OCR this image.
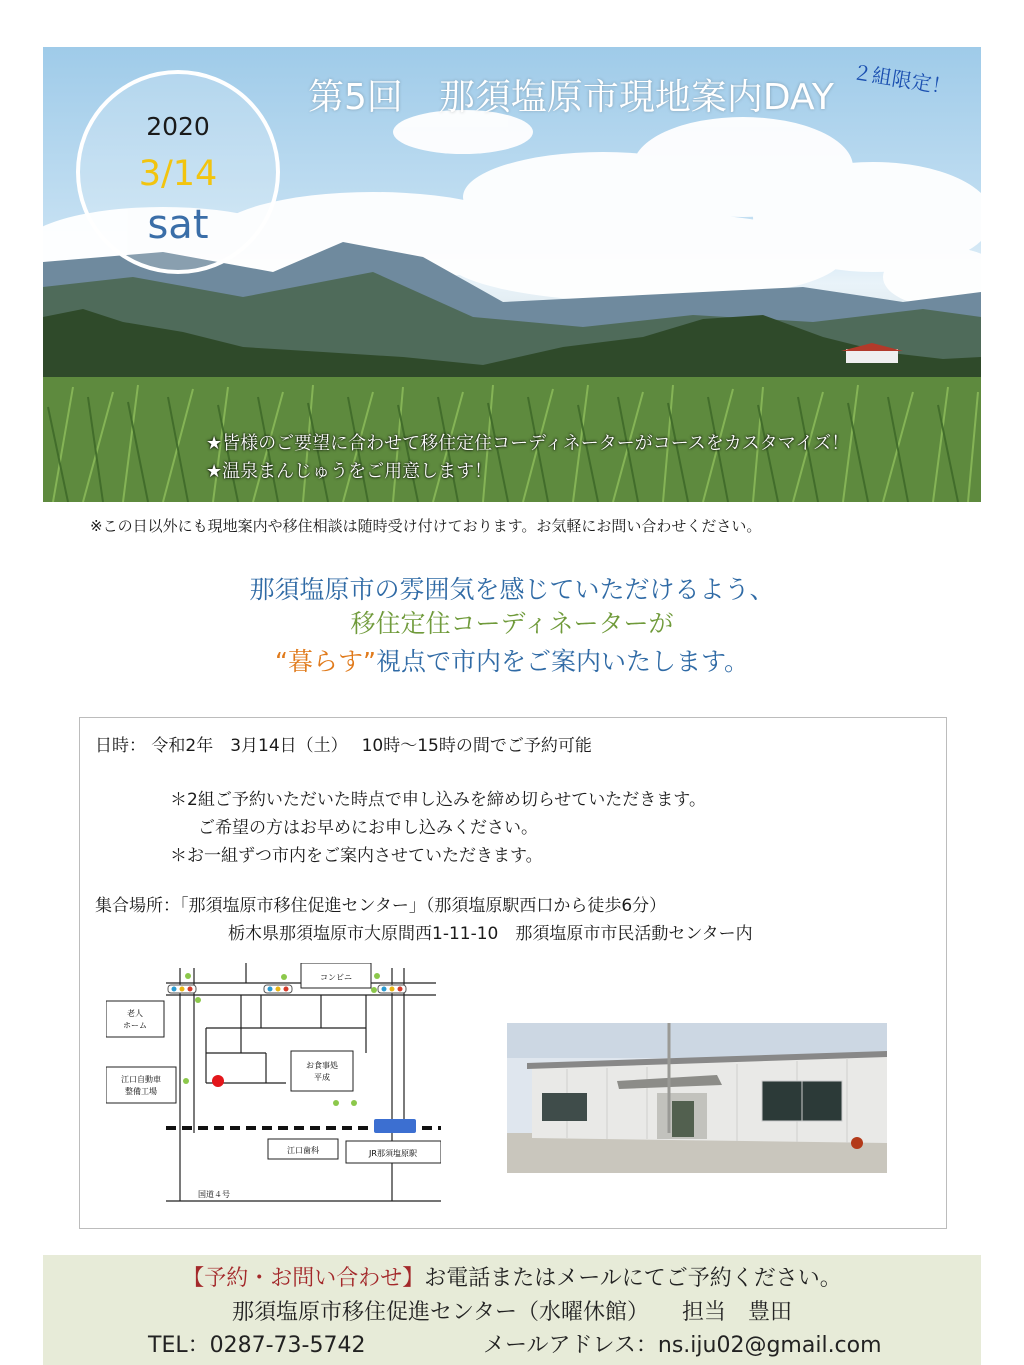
2020
3/14
sat
第5回　那須塩原市現地案内DAY ２組限定！
★皆様のご要望に合わせて移住定住コーディネーターがコースをカスタマイズ！
★温泉まんじゅうをご用意します！
※この日以外にも現地案内や移住相談は随時受け付けております。お気軽にお問い合わせください。
那須塩原市の雰囲気を感じていただけるよう、
移住定住コーディネーターが
“暮らす”視点で市内をご案内いたします。
日時： 令和2年　3月14日（土）　 10時～15時の間でご予約可能
＊2組ご予約いただいた時点で申し込みを締め切らせていただきます。
ご希望の方はお早めにお申し込みください。
＊お一組ずつ市内をご案内させていただきます。
集合場所：「那須塩原市移住促進センター」（那須塩原駅西口から徒歩6分）
栃木県那須塩原市大原間西1-11-10　那須塩原市市民活動センター内
コンビニ
老人
ホーム
江口自動車
整備工場
お食事処
平成
江口歯科	JR那須塩原駅
国道４号
【予約・お問い合わせ】お電話またはメールにてご予約ください。
那須塩原市移住促進センター（水曜休館）　　担当　豊田
TEL：0287-73-5742	メールアドレス：ns.iju02@gmail.com
